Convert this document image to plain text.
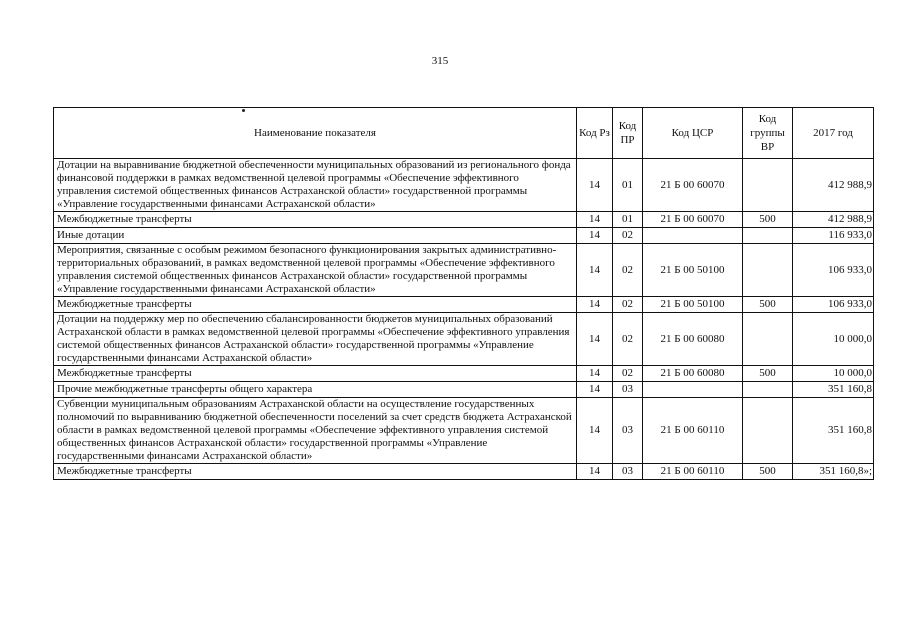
315
Наименование показателя	Код Рз	Код ПР	Код ЦСР	Код группы ВР	2017 год
Дотации на выравнивание бюджетной обеспеченности муниципальных образований из регионального фонда финансовой поддержки в рамках ведомственной целевой программы «Обеспечение эффективного управления системой общественных финансов Астраханской области» государственной программы «Управление государственными финансами Астраханской области»	14	01	21 Б 00 60070		412 988,9
Межбюджетные трансферты	14	01	21 Б 00 60070	500	412 988,9
Иные дотации	14	02			116 933,0
Мероприятия, связанные с особым режимом безопасного функционирования закрытых административно-территориальных образований, в рамках ведомственной целевой программы «Обеспечение эффективного управления системой общественных финансов Астраханской области» государственной программы «Управление государственными финансами Астраханской области»	14	02	21 Б 00 50100		106 933,0
Межбюджетные трансферты	14	02	21 Б 00 50100	500	106 933,0
Дотации на поддержку мер по обеспечению сбалансированности бюджетов муниципальных образований Астраханской области в рамках ведомственной целевой программы «Обеспечение эффективного управления системой общественных финансов Астраханской области» государственной программы «Управление государственными финансами Астраханской области»	14	02	21 Б 00 60080		10 000,0
Межбюджетные трансферты	14	02	21 Б 00 60080	500	10 000,0
Прочие межбюджетные трансферты общего характера	14	03			351 160,8
Субвенции муниципальным образованиям Астраханской области на осуществление государственных полномочий по выравниванию бюджетной обеспеченности поселений за счет средств бюджета Астраханской области в рамках ведомственной целевой программы «Обеспечение эффективного управления системой общественных финансов Астраханской области» государственной программы «Управление государственными финансами Астраханской области»	14	03	21 Б 00 60110		351 160,8
Межбюджетные трансферты	14	03	21 Б 00 60110	500	351 160,8»;
